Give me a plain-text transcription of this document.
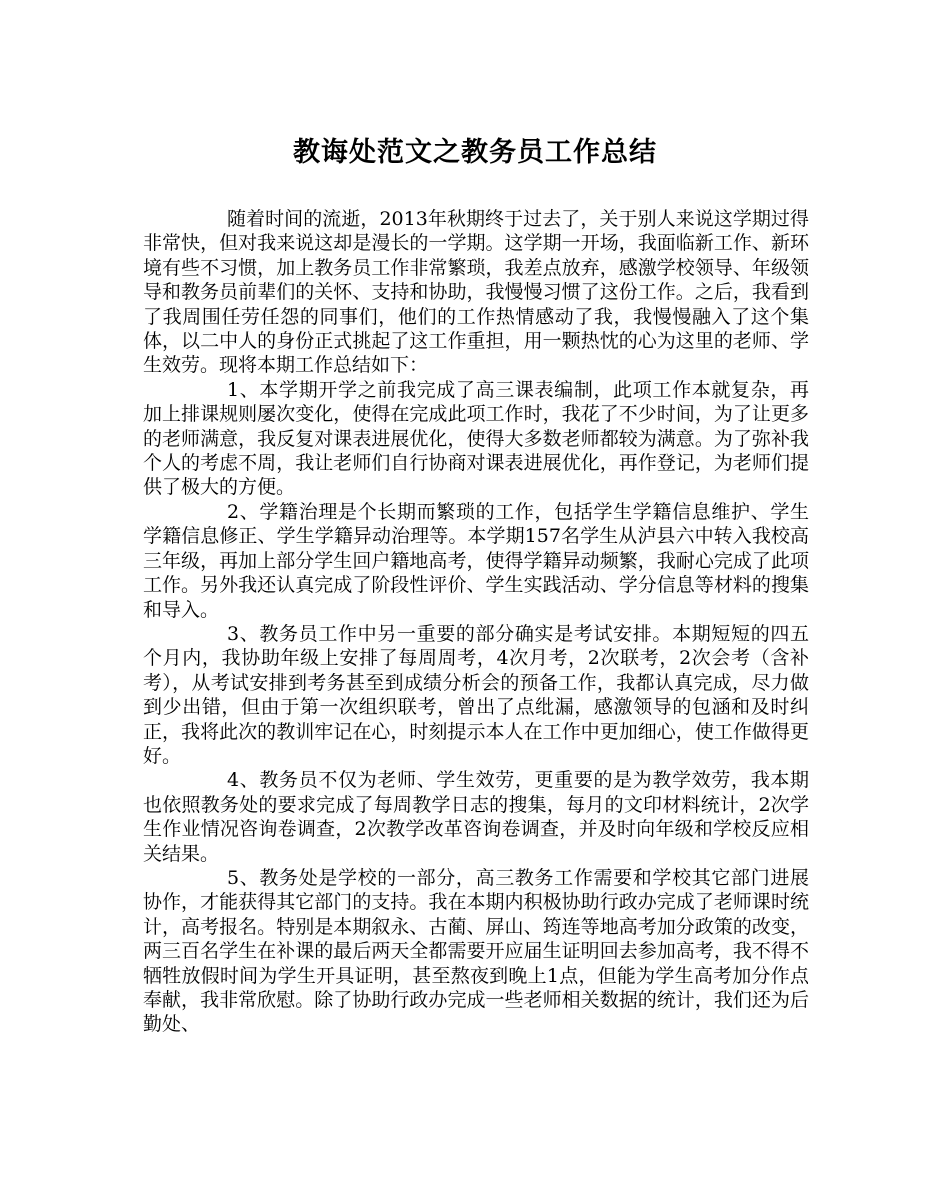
教诲处范文之教务员工作总结

随着时间的流逝，2013年秋期终于过去了，关于别人来说这学期过得非常快，但对我来说这却是漫长的一学期。这学期一开场，我面临新工作、新环境有些不习惯，加上教务员工作非常繁琐，我差点放弃，感激学校领导、年级领导和教务员前辈们的关怀、支持和协助，我慢慢习惯了这份工作。之后，我看到了我周围任劳任怨的同事们，他们的工作热情感动了我，我慢慢融入了这个集体，以二中人的身份正式挑起了这工作重担，用一颗热忱的心为这里的老师、学生效劳。现将本期工作总结如下：

1、本学期开学之前我完成了高三课表编制，此项工作本就复杂，再加上排课规则屡次变化，使得在完成此项工作时，我花了不少时间，为了让更多的老师满意，我反复对课表进展优化，使得大多数老师都较为满意。为了弥补我个人的考虑不周，我让老师们自行协商对课表进展优化，再作登记，为老师们提供了极大的方便。

2、学籍治理是个长期而繁琐的工作，包括学生学籍信息维护、学生学籍信息修正、学生学籍异动治理等。本学期157名学生从泸县六中转入我校高三年级，再加上部分学生回户籍地高考，使得学籍异动频繁，我耐心完成了此项工作。另外我还认真完成了阶段性评价、学生实践活动、学分信息等材料的搜集和导入。

3、教务员工作中另一重要的部分确实是考试安排。本期短短的四五个月内，我协助年级上安排了每周周考，4次月考，2次联考，2次会考（含补考），从考试安排到考务甚至到成绩分析会的预备工作，我都认真完成，尽力做到少出错，但由于第一次组织联考，曾出了点纰漏，感激领导的包涵和及时纠正，我将此次的教训牢记在心，时刻提示本人在工作中更加细心，使工作做得更好。

4、教务员不仅为老师、学生效劳，更重要的是为教学效劳，我本期也依照教务处的要求完成了每周教学日志的搜集，每月的文印材料统计，2次学生作业情况咨询卷调查，2次教学改革咨询卷调查，并及时向年级和学校反应相关结果。

5、教务处是学校的一部分，高三教务工作需要和学校其它部门进展协作，才能获得其它部门的支持。我在本期内积极协助行政办完成了老师课时统计，高考报名。特别是本期叙永、古蔺、屏山、筠连等地高考加分政策的改变，两三百名学生在补课的最后两天全都需要开应届生证明回去参加高考，我不得不牺牲放假时间为学生开具证明，甚至熬夜到晚上1点，但能为学生高考加分作点奉献，我非常欣慰。除了协助行政办完成一些老师相关数据的统计，我们还为后勤处、
